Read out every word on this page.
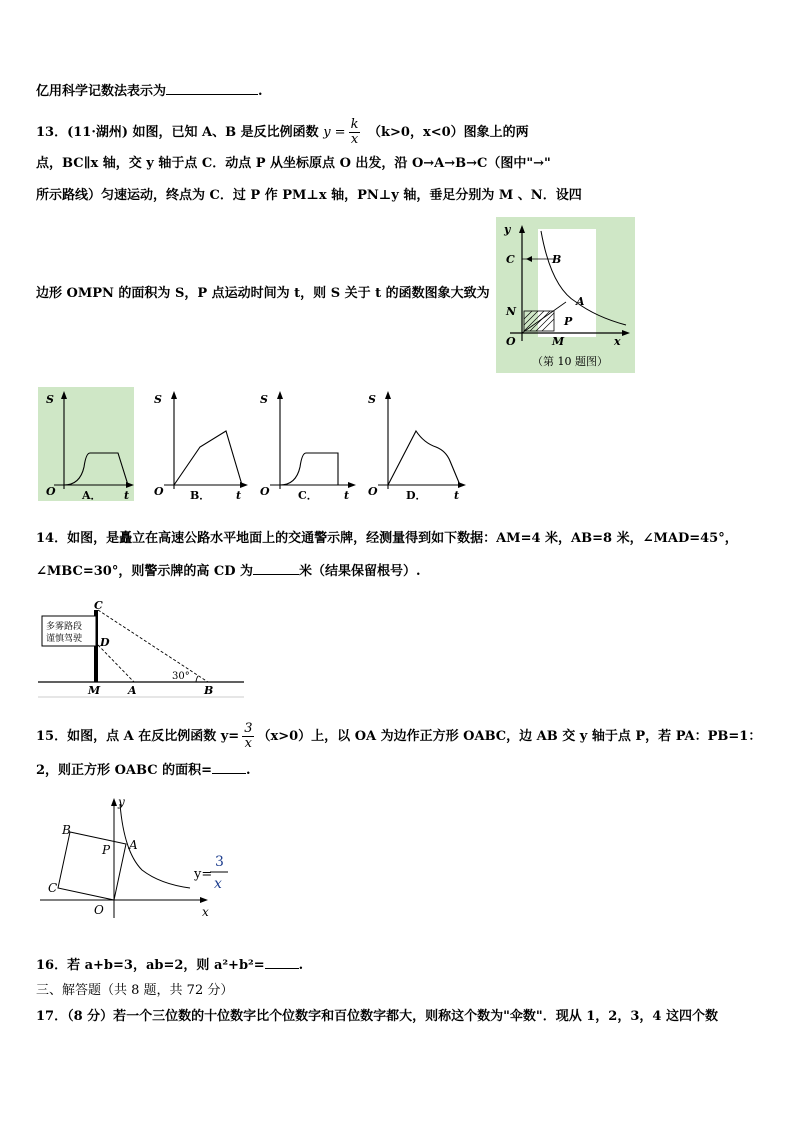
亿用科学记数法表示为	.
13．(11·湖州) 如图，已知 A、B 是反比例函数 $y = \frac{k}{x} (k>0$，x<0）图象上的两
点，BC∥x 轴，交 y 轴于点 C．动点 P 从坐标原点 O 出发，沿 O→A→B→C（图中"→"
所示路线）匀速运动，终点为 C．过 P 作 PM⊥x 轴，PN⊥y 轴，垂足分别为 M 、N．设四
边形 OMPN 的面积为 S，P 点运动时间为 t，则 S 关于 t 的函数图象大致为
y
C	B
A
N
P
O	M	x
（第 10 题图）
S
O A． t
S
O B． t
S
O	C． t
S
O	D． t
14．如图，是矗立在高速公路水平地面上的交通警示牌，经测量得到如下数据：AM=4 米，AB=8 米，∠MAD=45°，
∠MBC=30°，则警示牌的高 CD 为	米（结果保留根号）.
多雾路段
谨慎驾驶
C
D
M	A	B
30°
15．如图，点 A 在反比例函数 $y= \frac{3}{x} (x>0)$上，以 OA 为边作正方形 OABC，边 AB 交 y 轴于点 P，若 PA：PB=1：
2，则正方形 OABC 的面积=	.
y
B
P A
C
O	x
y=
3
x
16．若 a+b=3，ab=2，则 a²+b²=	.
三、解答题（共 8 题，共 72 分）
17．（8 分）若一个三位数的十位数字比个位数字和百位数字都大，则称这个数为"伞数"．现从 1，2，3，4 这四个数
